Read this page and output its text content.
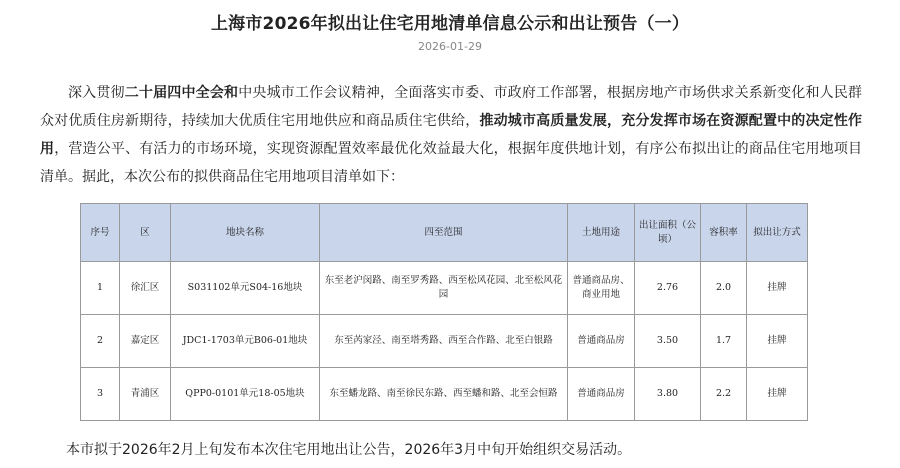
上海市2026年拟出让住宅用地清单信息公示和出让预告（一）
2026-01-29
深入贯彻二十届四中全会和中央城市工作会议精神，全面落实市委、市政府工作部署，根据房地产市场供求关系新变化和人民群众对优质住房新期待，持续加大优质住宅用地供应和商品质住宅供给，推动城市高质量发展，充分发挥市场在资源配置中的决定性作用，营造公平、有活力的市场环境，实现资源配置效率最优化效益最大化，根据年度供地计划，有序公布拟出让的商品住宅用地项目清单。据此，本次公布的拟供商品住宅用地项目清单如下：
序号	区	地块名称	四至范围	土地用途	出让面积（公顷）	容积率	拟出让方式
1	徐汇区	S031102单元S04-16地块	东至老沪闵路、南至罗秀路、西至松风花园、北至松风花园	普通商品房、商业用地	2.76	2.0	挂牌
2	嘉定区	JDC1-1703单元B06-01地块	东至芮家泾、南至塔秀路、西至合作路、北至白银路	普通商品房	3.50	1.7	挂牌
3	青浦区	QPP0-0101单元18-05地块	东至蟠龙路、南至徐民东路、西至蟠和路、北至会恒路	普通商品房	3.80	2.2	挂牌
本市拟于2026年2月上旬发布本次住宅用地出让公告，2026年3月中旬开始组织交易活动。
